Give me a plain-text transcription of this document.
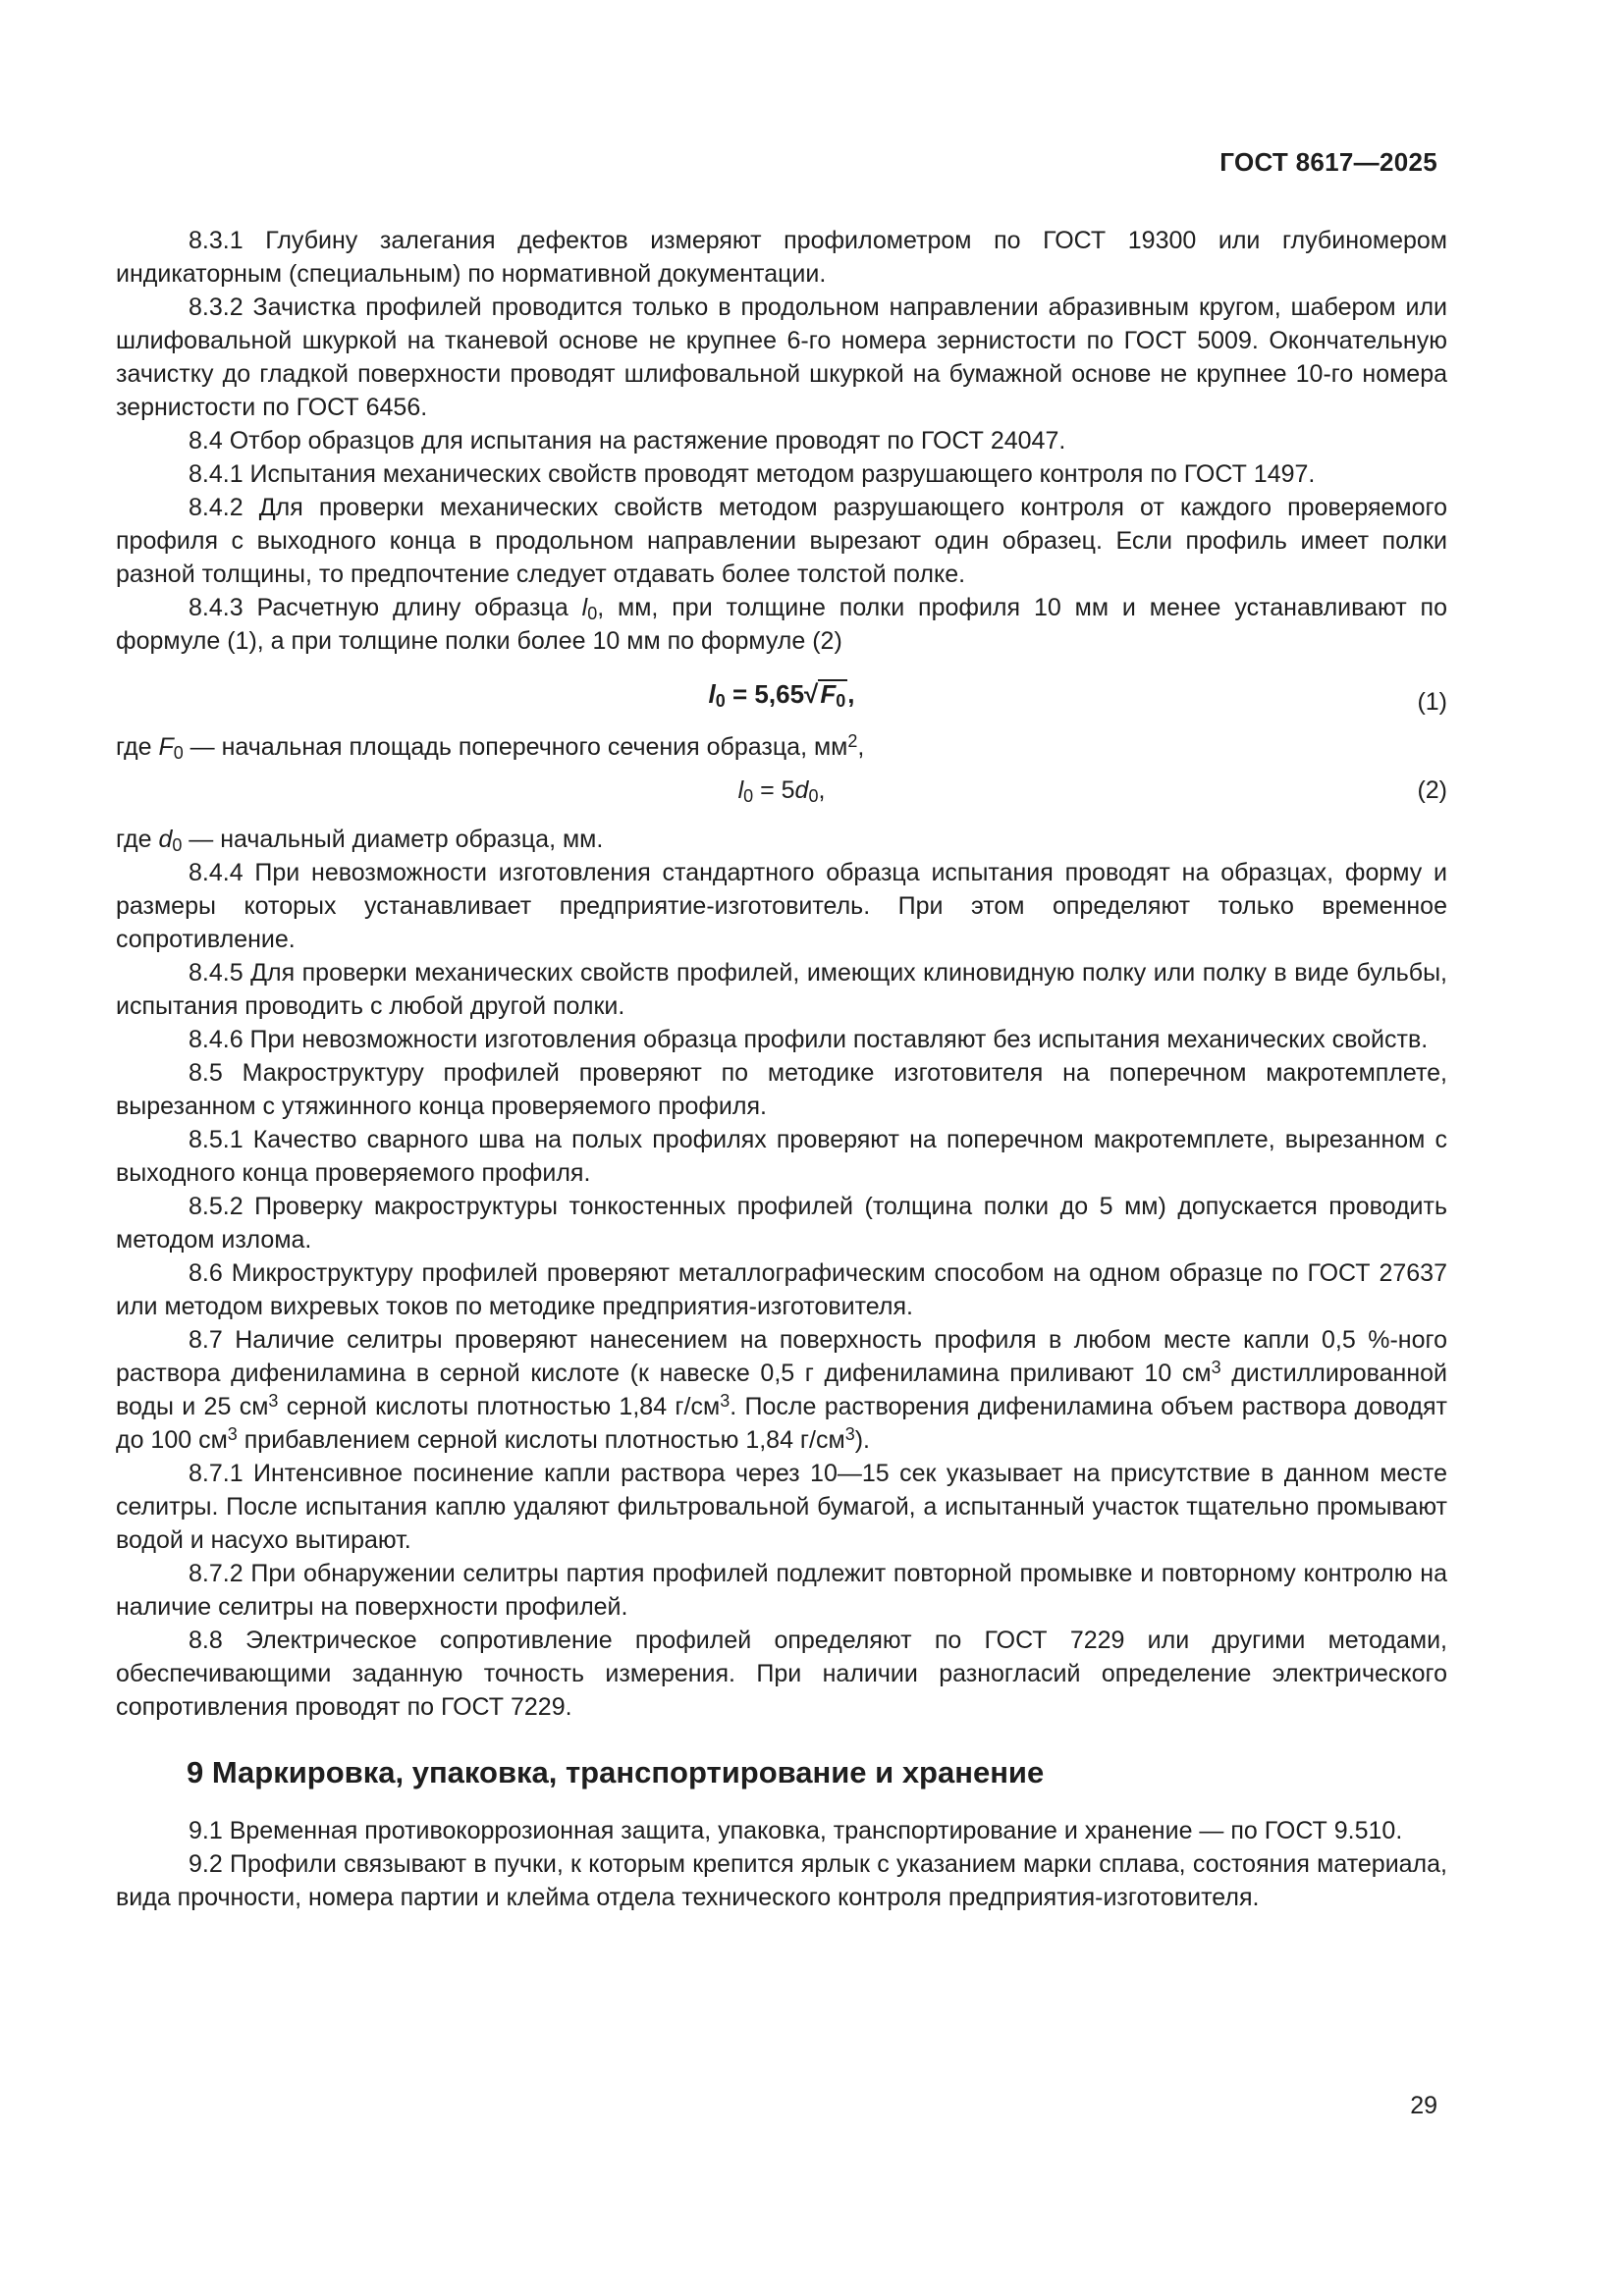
ГОСТ 8617—2025

8.3.1 Глубину залегания дефектов измеряют профилометром по ГОСТ 19300 или глубиномером индикаторным (специальным) по нормативной документации.

8.3.2 Зачистка профилей проводится только в продольном направлении абразивным кругом, шабером или шлифовальной шкуркой на тканевой основе не крупнее 6-го номера зернистости по ГОСТ 5009. Окончательную зачистку до гладкой поверхности проводят шлифовальной шкуркой на бумажной основе не крупнее 10-го номера зернистости по ГОСТ 6456.

8.4 Отбор образцов для испытания на растяжение проводят по ГОСТ 24047.

8.4.1 Испытания механических свойств проводят методом разрушающего контроля по ГОСТ 1497.

8.4.2 Для проверки механических свойств методом разрушающего контроля от каждого проверяемого профиля с выходного конца в продольном направлении вырезают один образец. Если профиль имеет полки разной толщины, то предпочтение следует отдавать более толстой полке.

8.4.3 Расчетную длину образца $l_0$, мм, при толщине полки профиля 10 мм и менее устанавливают по формуле (1), а при толщине полки более 10 мм по формуле (2)

$l_0 = 5,65√F_0$,	(1)

где $F_0$ — начальная площадь поперечного сечения образца, $мм^2$,

$l_0 = 5d_0$,	(2)

где $d_0$ — начальный диаметр образца, мм.

8.4.4 При невозможности изготовления стандартного образца испытания проводят на образцах, форму и размеры которых устанавливает предприятие-изготовитель. При этом определяют только временное сопротивление.

8.4.5 Для проверки механических свойств профилей, имеющих клиновидную полку или полку в виде бульбы, испытания проводить с любой другой полки.

8.4.6 При невозможности изготовления образца профили поставляют без испытания механических свойств.

8.5 Макроструктуру профилей проверяют по методике изготовителя на поперечном макротемплете, вырезанном с утяжинного конца проверяемого профиля.

8.5.1 Качество сварного шва на полых профилях проверяют на поперечном макротемплете, вырезанном с выходного конца проверяемого профиля.

8.5.2 Проверку макроструктуры тонкостенных профилей (толщина полки до 5 мм) допускается проводить методом излома.

8.6 Микроструктуру профилей проверяют металлографическим способом на одном образце по ГОСТ 27637 или методом вихревых токов по методике предприятия-изготовителя.

8.7 Наличие селитры проверяют нанесением на поверхность профиля в любом месте капли 0,5 %-ного раствора дифениламина в серной кислоте (к навеске 0,5 г дифениламина приливают 10 $см^3$ дистиллированной воды и 25 $см^3$ серной кислоты плотностью 1,84 $г/см^3$. После растворения дифениламина объем раствора доводят до 100 $см^3$ прибавлением серной кислоты плотностью 1,84 $г/см^3$).

8.7.1 Интенсивное посинение капли раствора через 10—15 сек указывает на присутствие в данном месте селитры. После испытания каплю удаляют фильтровальной бумагой, а испытанный участок тщательно промывают водой и насухо вытирают.

8.7.2 При обнаружении селитры партия профилей подлежит повторной промывке и повторному контролю на наличие селитры на поверхности профилей.

8.8 Электрическое сопротивление профилей определяют по ГОСТ 7229 или другими методами, обеспечивающими заданную точность измерения. При наличии разногласий определение электрического сопротивления проводят по ГОСТ 7229.

9 Маркировка, упаковка, транспортирование и хранение

9.1 Временная противокоррозионная защита, упаковка, транспортирование и хранение — по ГОСТ 9.510.

9.2 Профили связывают в пучки, к которым крепится ярлык с указанием марки сплава, состояния материала, вида прочности, номера партии и клейма отдела технического контроля предприятия-изготовителя.

29
